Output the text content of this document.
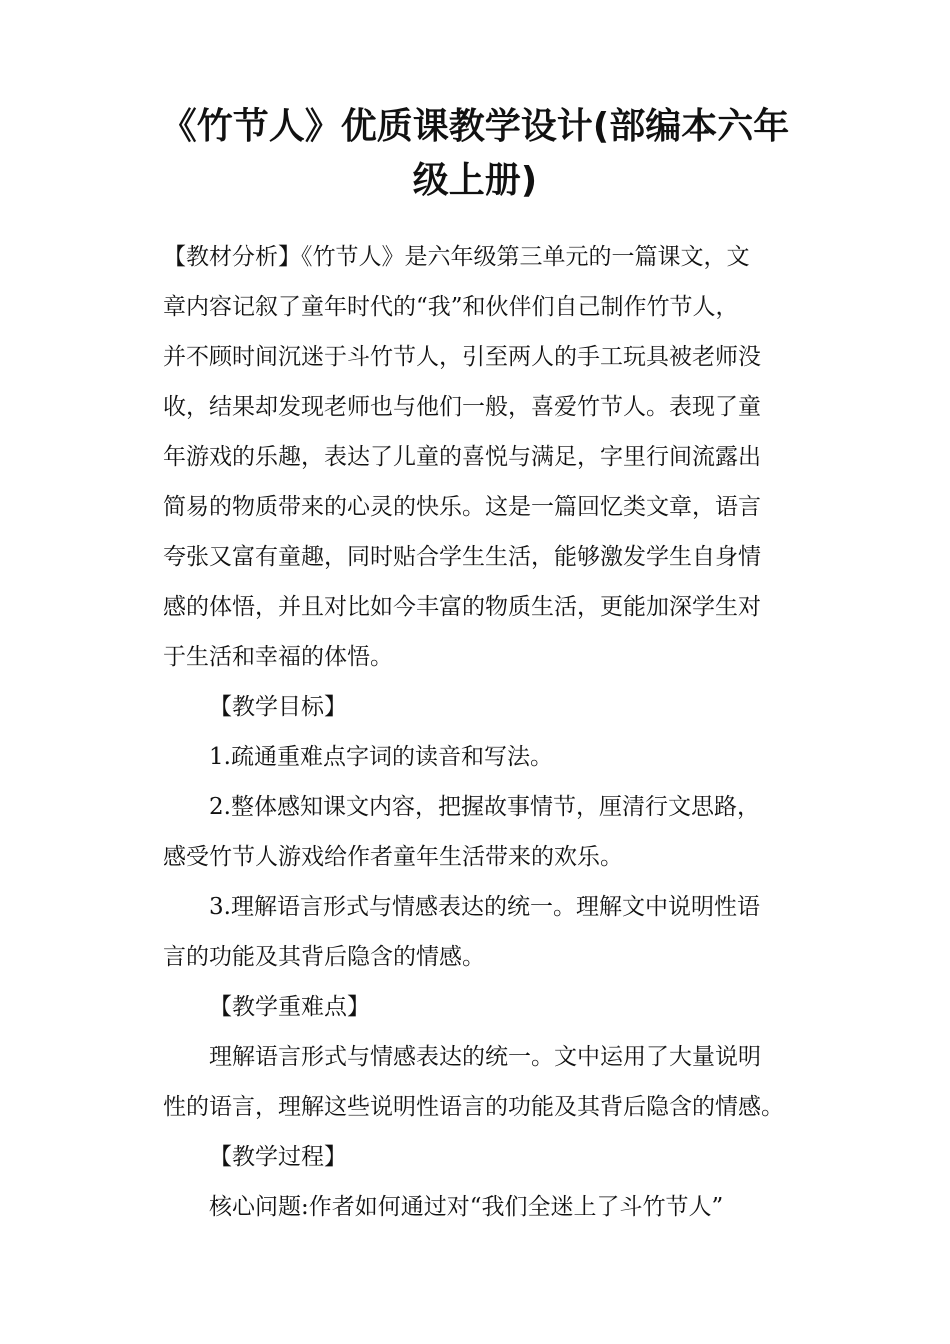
《竹节人》优质课教学设计(部编本六年
级上册)

【教材分析】《竹节人》是六年级第三单元的一篇课文，文
章内容记叙了童年时代的“我”和伙伴们自己制作竹节人，
并不顾时间沉迷于斗竹节人，引至两人的手工玩具被老师没
收，结果却发现老师也与他们一般，喜爱竹节人。表现了童
年游戏的乐趣，表达了儿童的喜悦与满足，字里行间流露出
简易的物质带来的心灵的快乐。这是一篇回忆类文章，语言
夸张又富有童趣，同时贴合学生生活，能够激发学生自身情
感的体悟，并且对比如今丰富的物质生活，更能加深学生对
于生活和幸福的体悟。

【教学目标】

1.疏通重难点字词的读音和写法。

2.整体感知课文内容，把握故事情节，厘清行文思路，
感受竹节人游戏给作者童年生活带来的欢乐。

3.理解语言形式与情感表达的统一。理解文中说明性语
言的功能及其背后隐含的情感。

【教学重难点】

理解语言形式与情感表达的统一。文中运用了大量说明
性的语言，理解这些说明性语言的功能及其背后隐含的情感。

【教学过程】

核心问题:作者如何通过对“我们全迷上了斗竹节人”
